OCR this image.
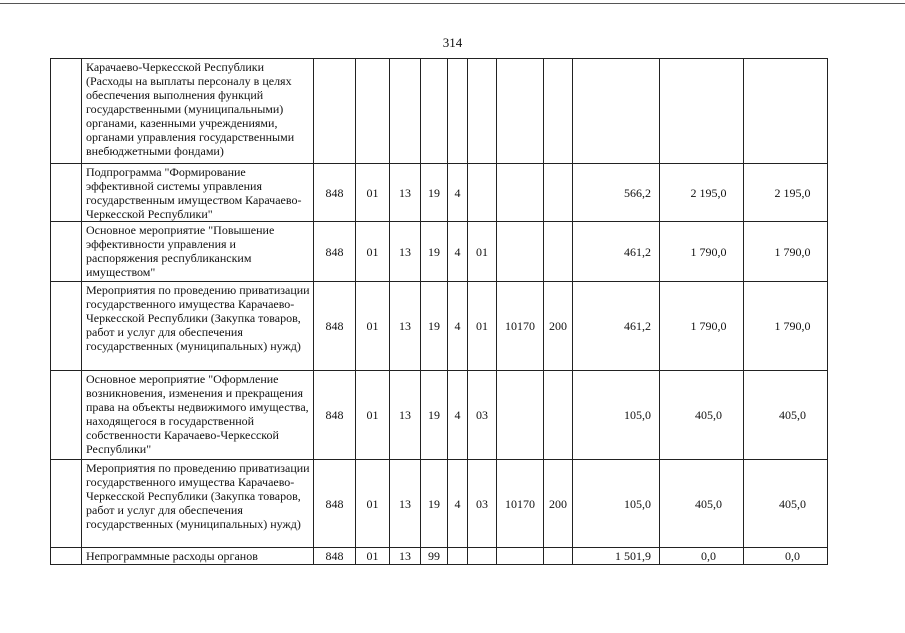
314
	Карачаево-Черкесской Республики (Расходы на выплаты персоналу в целях обеспечения выполнения функций государственными (муниципальными) органами, казенными учреждениями, органами управления государственными внебюджетными фондами)											
	Подпрограмма "Формирование эффективной системы управления государственным имуществом Карачаево-Черкесской Республики"	848	01	13	19	4				566,2	2 195,0	2 195,0
	Основное мероприятие "Повышение эффективности управления и распоряжения республиканским имуществом"	848	01	13	19	4	01			461,2	1 790,0	1 790,0
	Мероприятия по проведению приватизации государственного имущества Карачаево-Черкесской Республики (Закупка товаров, работ и услуг для обеспечения государственных (муниципальных) нужд)	848	01	13	19	4	01	10170	200	461,2	1 790,0	1 790,0
	Основное мероприятие "Оформление возникновения, изменения и прекращения права на объекты недвижимого имущества, находящегося в государственной собственности Карачаево-Черкесской Республики"	848	01	13	19	4	03			105,0	405,0	405,0
	Мероприятия по проведению приватизации государственного имущества Карачаево-Черкесской Республики (Закупка товаров, работ и услуг для обеспечения государственных (муниципальных) нужд)	848	01	13	19	4	03	10170	200	105,0	405,0	405,0
	Непрограммные расходы органов	848	01	13	99					1 501,9	0,0	0,0
